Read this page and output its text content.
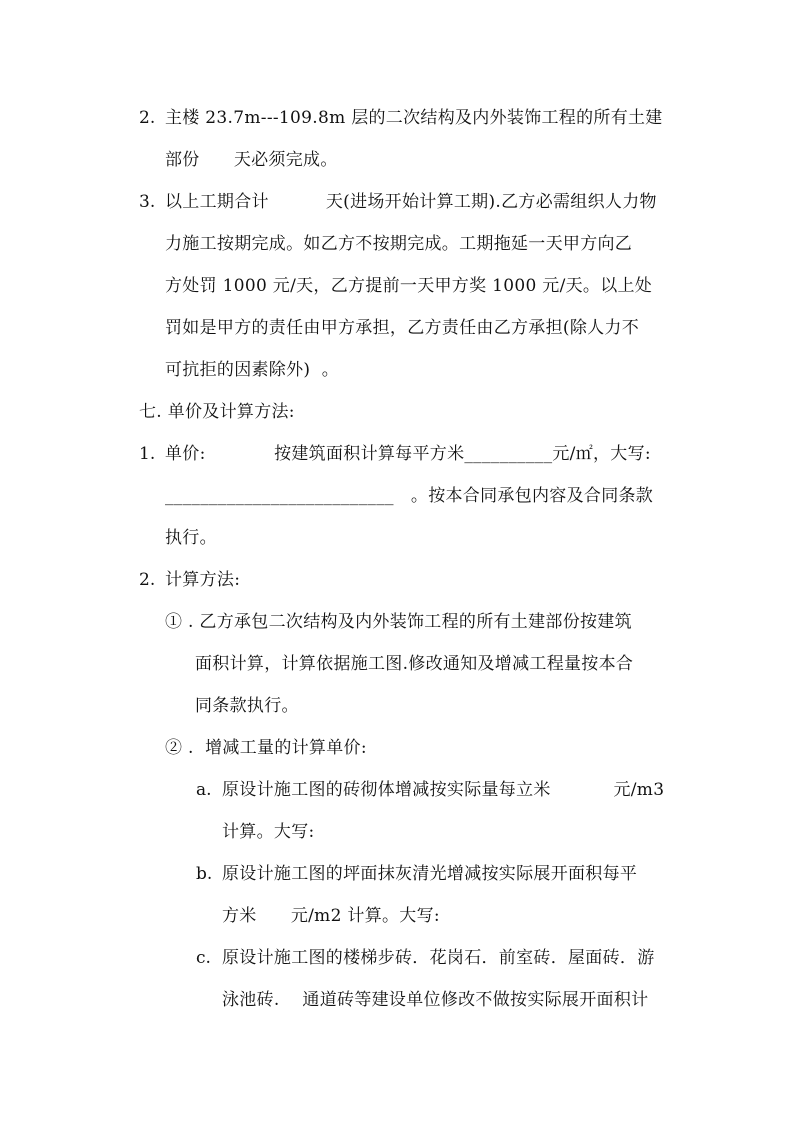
2. 主楼 23.7m---109.8m 层的二次结构及内外装饰工程的所有土建
部份      天必须完成。
3. 以上工期合计          天(进场开始计算工期).乙方必需组织人力物
力施工按期完成。如乙方不按期完成。工期拖延一天甲方向乙
方处罚 1000 元/天，乙方提前一天甲方奖 1000 元/天。以上处
罚如是甲方的责任由甲方承担，乙方责任由乙方承担(除人力不
可抗拒的因素除外)  。
七. 单价及计算方法:
1. 单价:            按建筑面积计算每平方米__________元/㎡，大写:
__________________________   。按本合同承包内容及合同条款
执行。
2. 计算方法:
① . 乙方承包二次结构及内外装饰工程的所有土建部份按建筑
面积计算，计算依据施工图.修改通知及增减工程量按本合
同条款执行。
② .  增减工量的计算单价:
a. 原设计施工图的砖彻体增减按实际量每立米           元/m3
计算。大写:
b. 原设计施工图的坪面抹灰清光增减按实际展开面积每平
方米      元/m2 计算。大写:
c. 原设计施工图的楼梯步砖．花岗石．前室砖．屋面砖．游
泳池砖.    通道砖等建设单位修改不做按实际展开面积计
